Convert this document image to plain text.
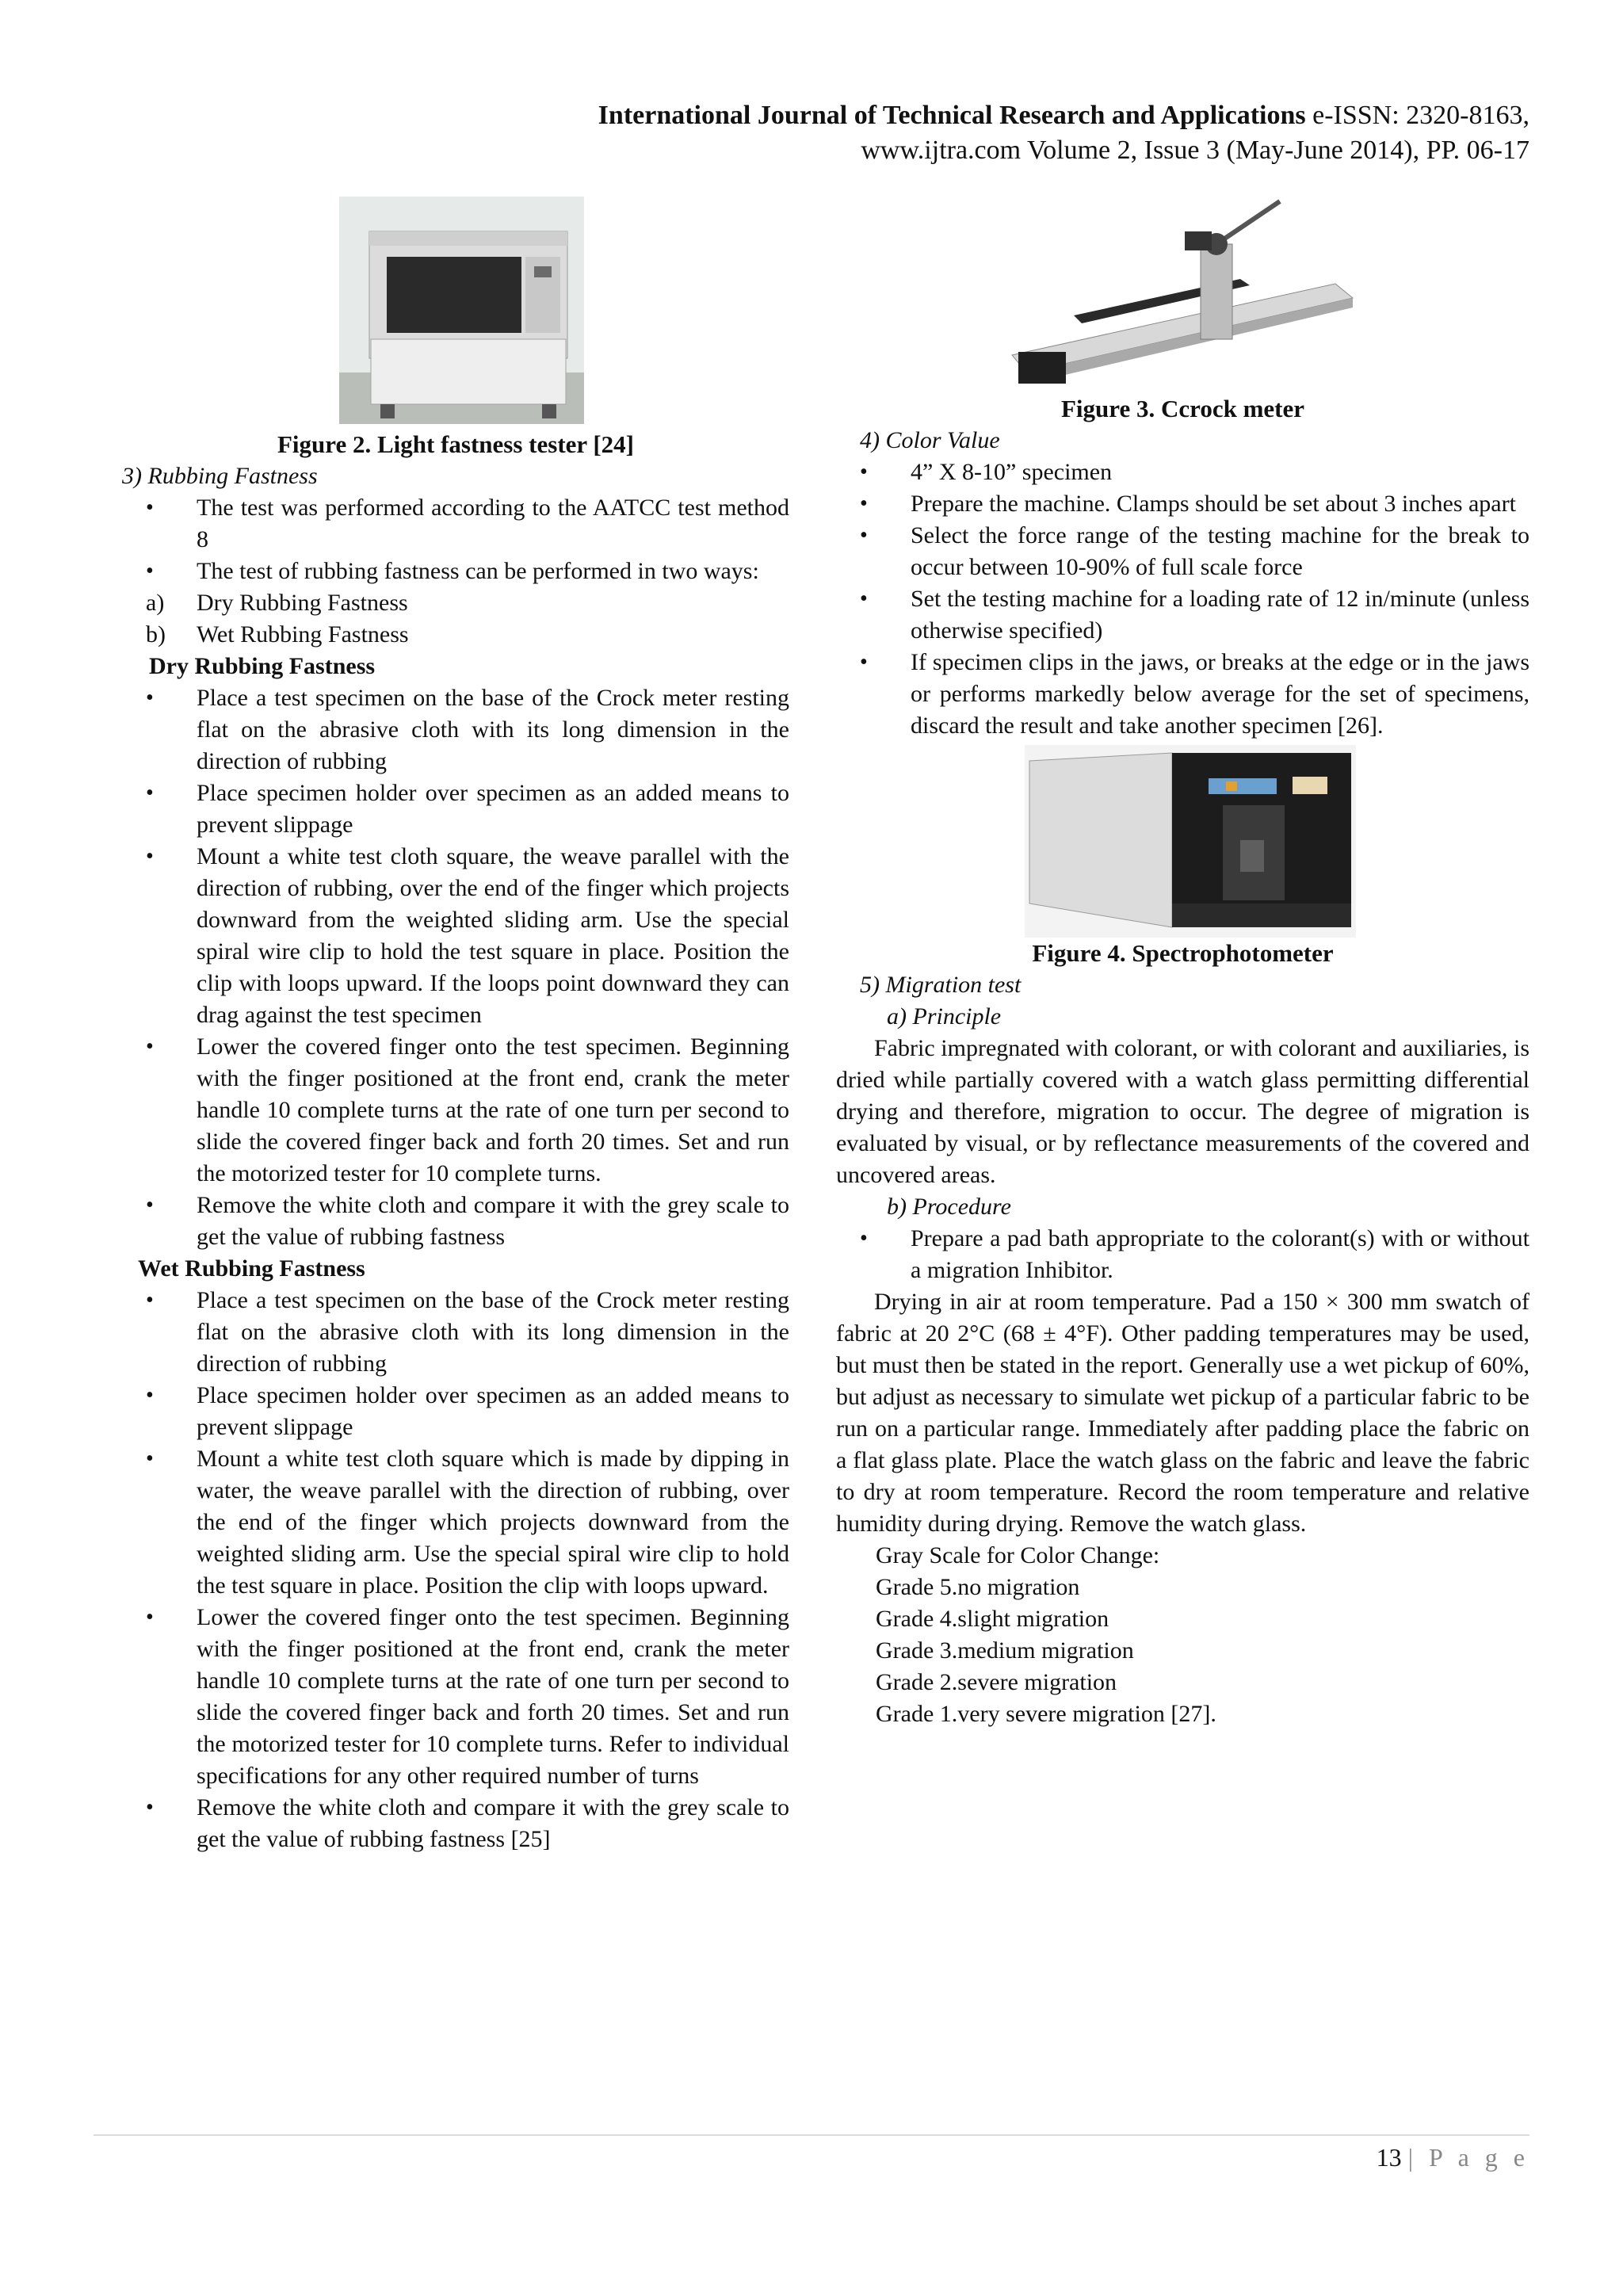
International Journal of Technical Research and Applications e-ISSN: 2320-8163,
www.ijtra.com Volume 2, Issue 3 (May-June 2014), PP. 06-17
Figure 2. Light fastness tester [24]
3) Rubbing Fastness
• The test was performed according to the AATCC test method 8
• The test of rubbing fastness can be performed in two ways:
a) Dry Rubbing Fastness
b) Wet Rubbing Fastness
Dry Rubbing Fastness
• Place a test specimen on the base of the Crock meter resting flat on the abrasive cloth with its long dimension in the direction of rubbing
• Place specimen holder over specimen as an added means to prevent slippage
• Mount a white test cloth square, the weave parallel with the direction of rubbing, over the end of the finger which projects downward from the weighted sliding arm. Use the special spiral wire clip to hold the test square in place. Position the clip with loops upward. If the loops point downward they can drag against the test specimen
• Lower the covered finger onto the test specimen. Beginning with the finger positioned at the front end, crank the meter handle 10 complete turns at the rate of one turn per second to slide the covered finger back and forth 20 times. Set and run the motorized tester for 10 complete turns.
• Remove the white cloth and compare it with the grey scale to get the value of rubbing fastness
Wet Rubbing Fastness
• Place a test specimen on the base of the Crock meter resting flat on the abrasive cloth with its long dimension in the direction of rubbing
• Place specimen holder over specimen as an added means to prevent slippage
• Mount a white test cloth square which is made by dipping in water, the weave parallel with the direction of rubbing, over the end of the finger which projects downward from the weighted sliding arm. Use the special spiral wire clip to hold the test square in place. Position the clip with loops upward.
• Lower the covered finger onto the test specimen. Beginning with the finger positioned at the front end, crank the meter handle 10 complete turns at the rate of one turn per second to slide the covered finger back and forth 20 times. Set and run the motorized tester for 10 complete turns. Refer to individual specifications for any other required number of turns
• Remove the white cloth and compare it with the grey scale to get the value of rubbing fastness [25]
Figure 3. Ccrock meter
4) Color Value
• 4” X 8-10” specimen
• Prepare the machine. Clamps should be set about 3 inches apart
• Select the force range of the testing machine for the break to occur between 10-90% of full scale force
• Set the testing machine for a loading rate of 12 in/minute (unless otherwise specified)
• If specimen clips in the jaws, or breaks at the edge or in the jaws or performs markedly below average for the set of specimens, discard the result and take another specimen [26].
Figure 4. Spectrophotometer
5) Migration test
a) Principle
Fabric impregnated with colorant, or with colorant and auxiliaries, is dried while partially covered with a watch glass permitting differential drying and therefore, migration to occur. The degree of migration is evaluated by visual, or by reflectance measurements of the covered and uncovered areas.
b) Procedure
• Prepare a pad bath appropriate to the colorant(s) with or without a migration Inhibitor.
Drying in air at room temperature. Pad a 150 × 300 mm swatch of fabric at 20 2°C (68 ± 4°F). Other padding temperatures may be used, but must then be stated in the report. Generally use a wet pickup of 60%, but adjust as necessary to simulate wet pickup of a particular fabric to be run on a particular range. Immediately after padding place the fabric on a flat glass plate. Place the watch glass on the fabric and leave the fabric to dry at room temperature. Record the room temperature and relative humidity during drying. Remove the watch glass.
Gray Scale for Color Change:
Grade 5.no migration
Grade 4.slight migration
Grade 3.medium migration
Grade 2.severe migration
Grade 1.very severe migration [27].
13 | P a g e
